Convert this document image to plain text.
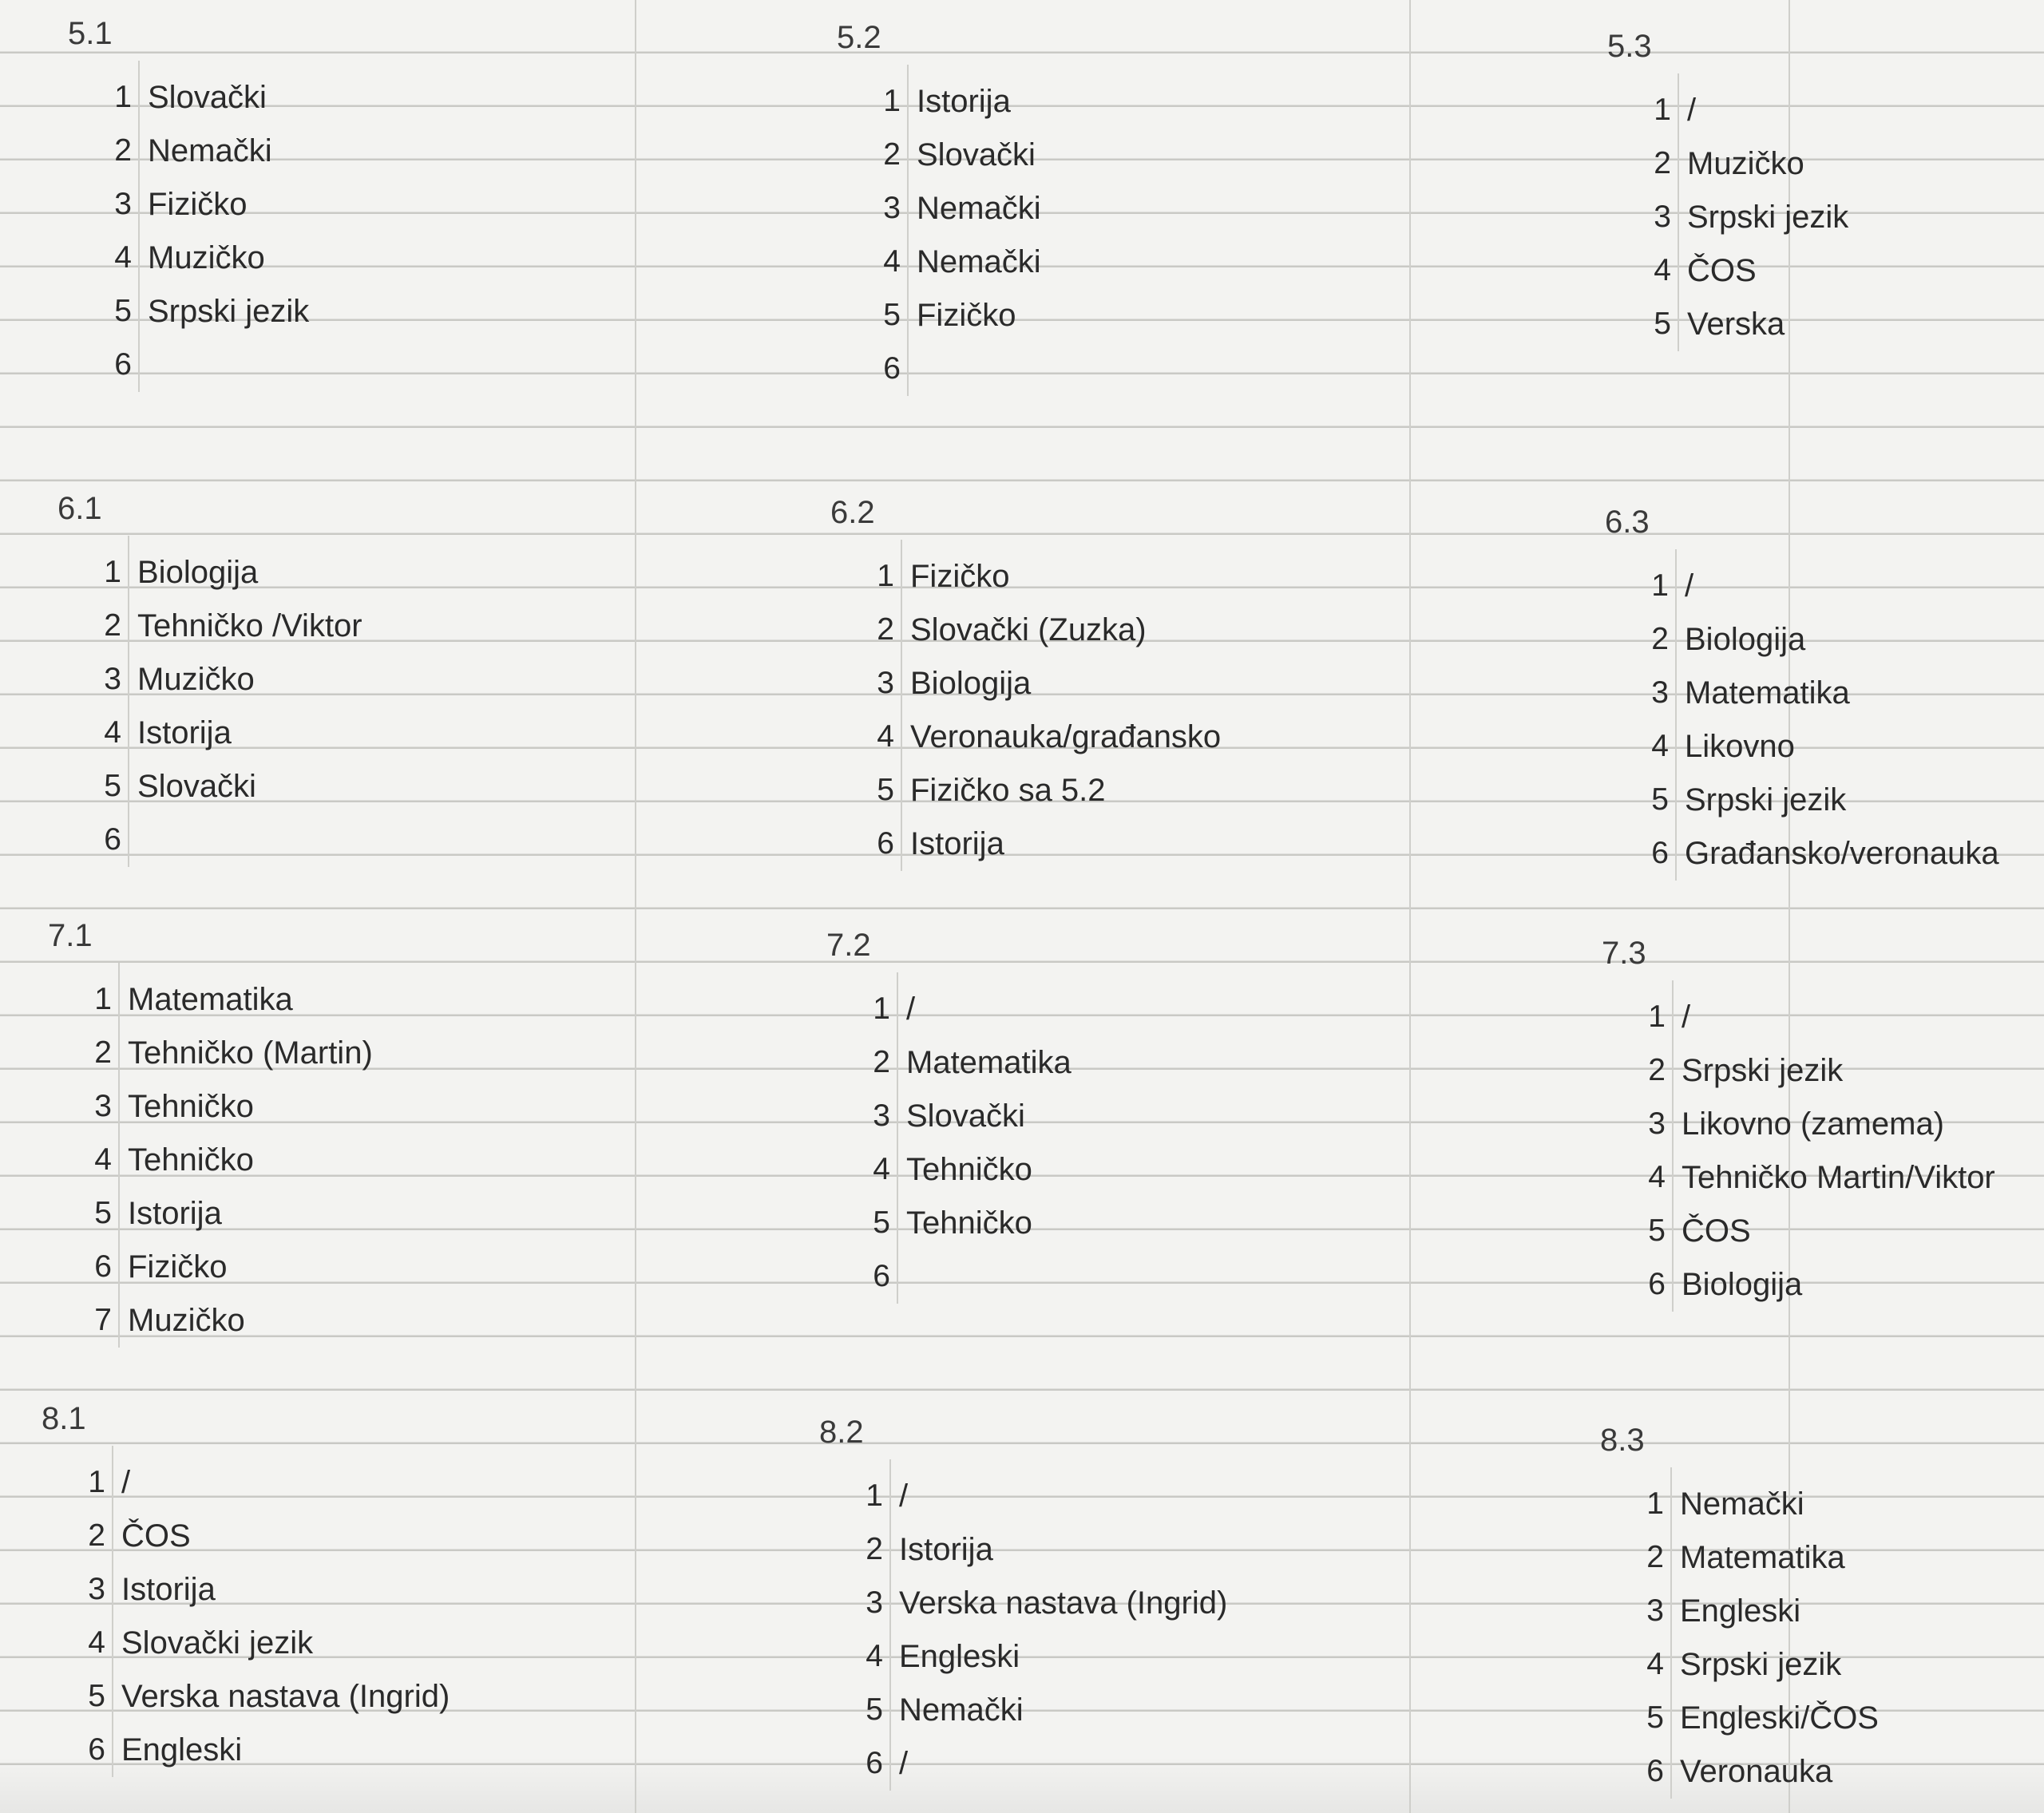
5.1
1 Slovački
2 Nemački
3 Fizičko
4 Muzičko
5 Srpski jezik
6
5.2
1 Istorija
2 Slovački
3 Nemački
4 Nemački
5 Fizičko
6
5.3
1 /
2 Muzičko
3 Srpski jezik
4 ČOS
5 Verska
6.1
1 Biologija
2 Tehničko /Viktor
3 Muzičko
4 Istorija
5 Slovački
6
6.2
1 Fizičko
2 Slovački (Zuzka)
3 Biologija
4 Veronauka/građansko
5 Fizičko sa 5.2
6 Istorija
6.3
1 /
2 Biologija
3 Matematika
4 Likovno
5 Srpski jezik
6 Građansko/veronauka
7.1
1 Matematika
2 Tehničko (Martin)
3 Tehničko
4 Tehničko
5 Istorija
6 Fizičko
7 Muzičko
7.2
1 /
2 Matematika
3 Slovački
4 Tehničko
5 Tehničko
6
7.3
1 /
2 Srpski jezik
3 Likovno (zamema)
4 Tehničko Martin/Viktor
5 ČOS
6 Biologija
8.1
1 /
2 ČOS
3 Istorija
4 Slovački jezik
5 Verska nastava (Ingrid)
6 Engleski
8.2
1 /
2 Istorija
3 Verska nastava (Ingrid)
4 Engleski
5 Nemački
6 /
8.3
1 Nemački
2 Matematika
3 Engleski
4 Srpski jezik
5 Engleski/ČOS
6 Veronauka
